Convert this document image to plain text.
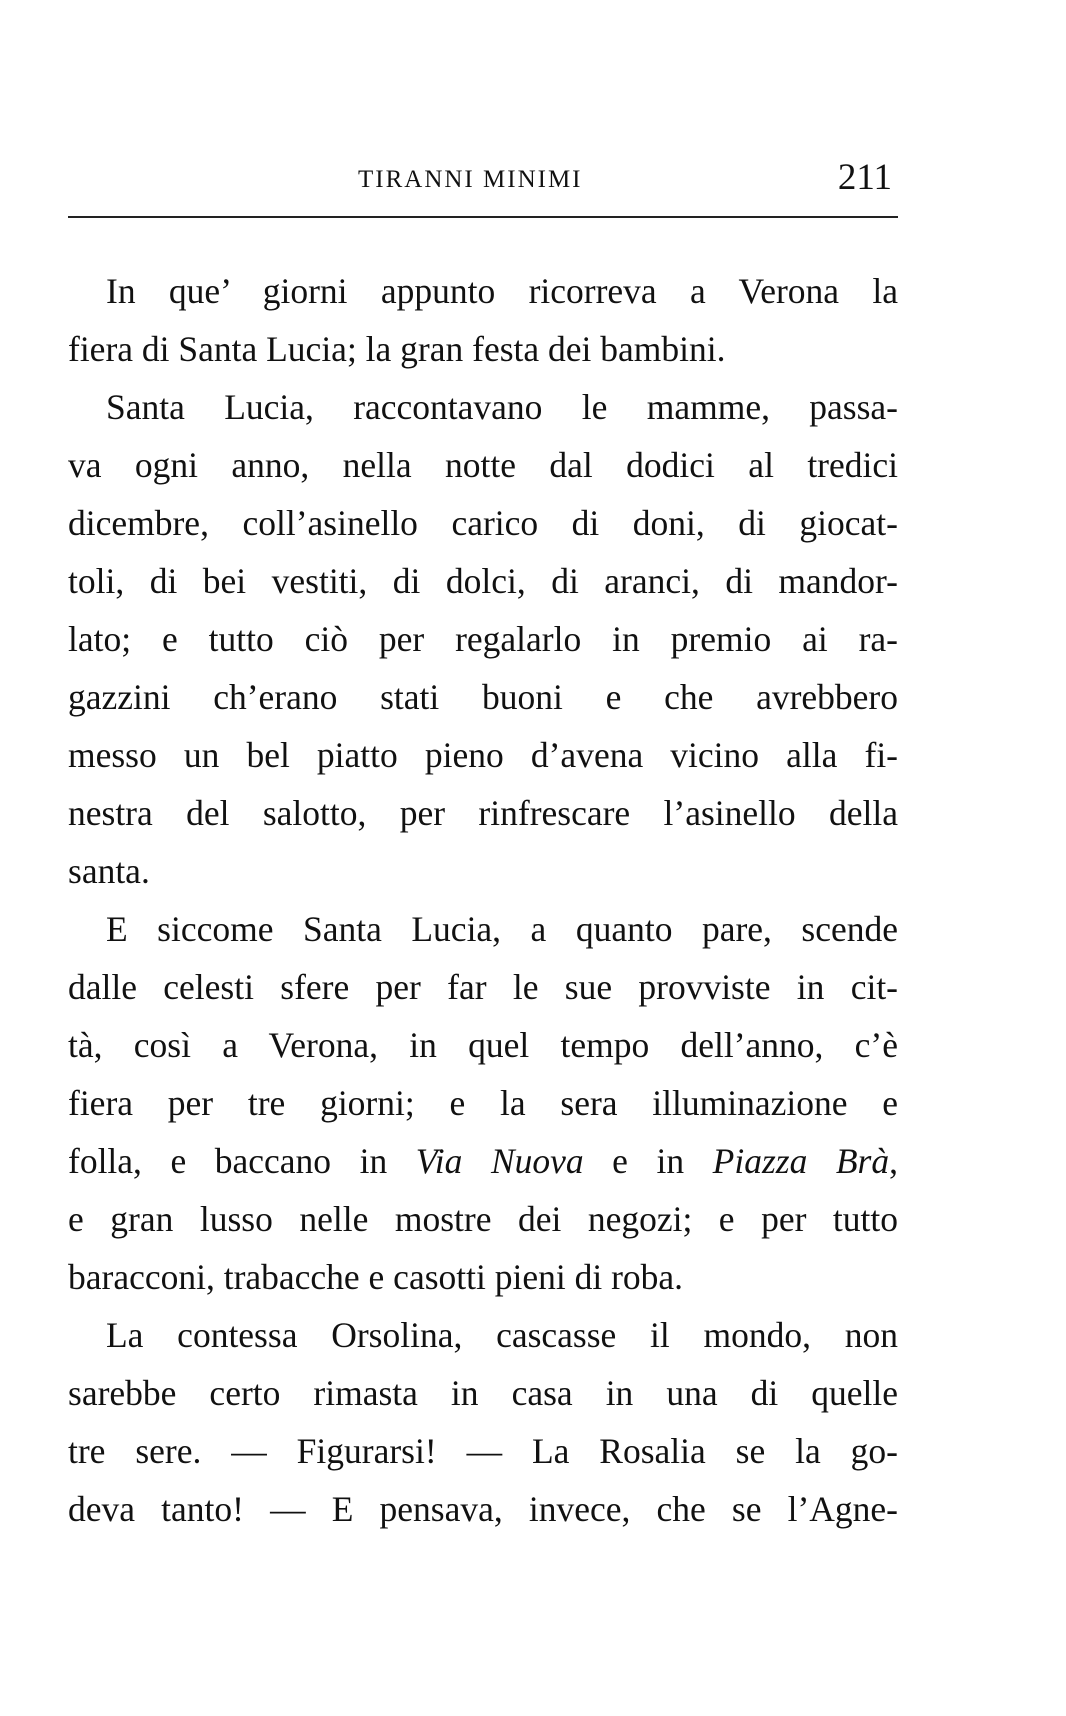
TIRANNI MINIMI	211
In que’ giorni appunto ricorreva a Verona la
fiera di Santa Lucia; la gran festa dei bambini.
Santa Lucia, raccontavano le mamme, passa-
va ogni anno, nella notte dal dodici al tredici
dicembre, coll’asinello carico di doni, di giocat-
toli, di bei vestiti, di dolci, di aranci, di mandor-
lato; e tutto ciò per regalarlo in premio ai ra-
gazzini ch’erano stati buoni e che avrebbero
messo un bel piatto pieno d’avena vicino alla fi-
nestra del salotto, per rinfrescare l’asinello della
santa.
E siccome Santa Lucia, a quanto pare, scende
dalle celesti sfere per far le sue provviste in cit-
tà, così a Verona, in quel tempo dell’anno, c’è
fiera per tre giorni; e la sera illuminazione e
folla, e baccano in Via Nuova e in Piazza Brà,
e gran lusso nelle mostre dei negozi; e per tutto
baracconi, trabacche e casotti pieni di roba.
La contessa Orsolina, cascasse il mondo, non
sarebbe certo rimasta in casa in una di quelle
tre sere. — Figurarsi! — La Rosalia se la go-
deva tanto! — E pensava, invece, che se l’Agne-
